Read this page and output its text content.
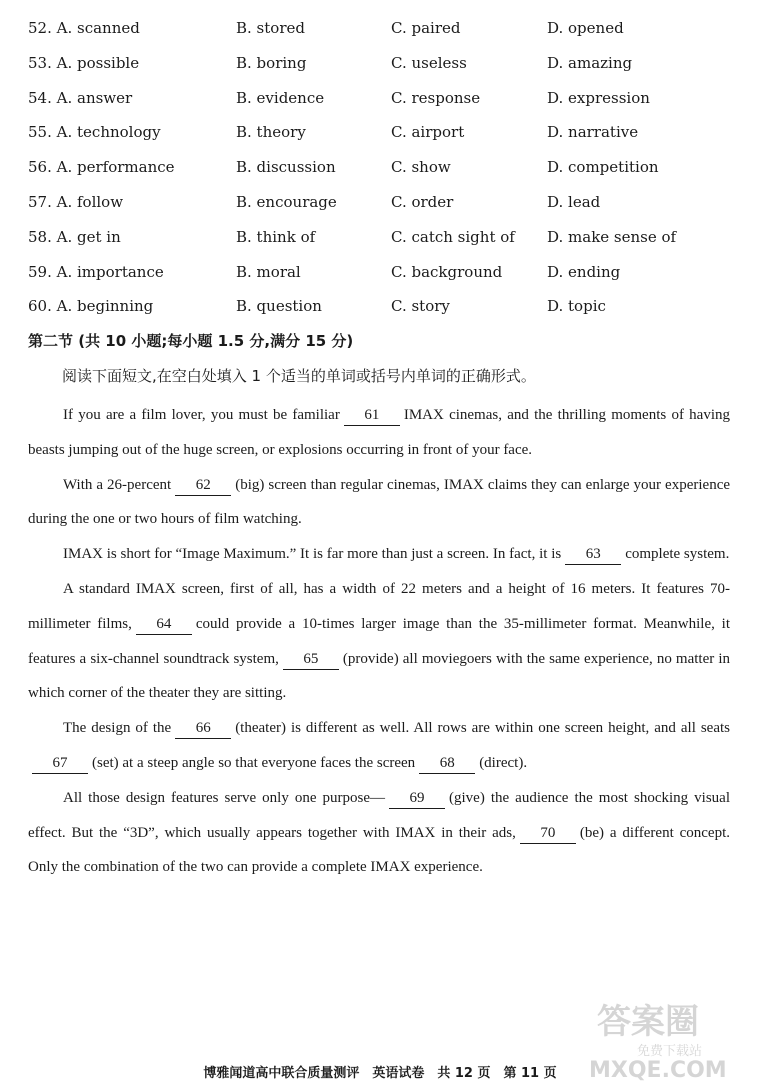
52. A. scanned	B. stored	C. paired	D. opened
53. A. possible	B. boring	C. useless	D. amazing
54. A. answer	B. evidence	C. response	D. expression
55. A. technology	B. theory	C. airport	D. narrative
56. A. performance	B. discussion	C. show	D. competition
57. A. follow	B. encourage	C. order	D. lead
58. A. get in	B. think of	C. catch sight of D. make sense of
59. A. importance	B. moral	C. background	D. ending
60. A. beginning	B. question	C. story	D. topic
第二节 (共 10 小题;每小题 1.5 分,满分 15 分)
阅读下面短文,在空白处填入 1 个适当的单词或括号内单词的正确形式。

If you are a film lover, you must be familiar 61 IMAX cinemas, and the thrilling moments of having beasts jumping out of the huge screen, or explosions occurring in front of your face.

With a 26-percent 62 (big) screen than regular cinemas, IMAX claims they can enlarge your experience during the one or two hours of film watching.

IMAX is short for “Image Maximum.” It is far more than just a screen. In fact, it is 63 complete system.

A standard IMAX screen, first of all, has a width of 22 meters and a height of 16 meters. It features 70-millimeter films, 64 could provide a 10-times larger image than the 35-millimeter format. Meanwhile, it features a six-channel soundtrack system, 65 (provide) all moviegoers with the same experience, no matter in which corner of the theater they are sitting.

The design of the 66 (theater) is different as well. All rows are within one screen height, and all seats67 (set) at a steep angle so that everyone faces the screen 68 (direct).

All those design features serve only one purpose— 69 (give) the audience the most shocking visual effect. But the “3D”, which usually appears together with IMAX in their ads, 70 (be) a different concept. Only the combination of the two can provide a complete IMAX experience.

博雅闻道高中联合质量测评　英语试卷　共 12 页　第 11 页
答案圈
免费下载站
MXQE.COM
